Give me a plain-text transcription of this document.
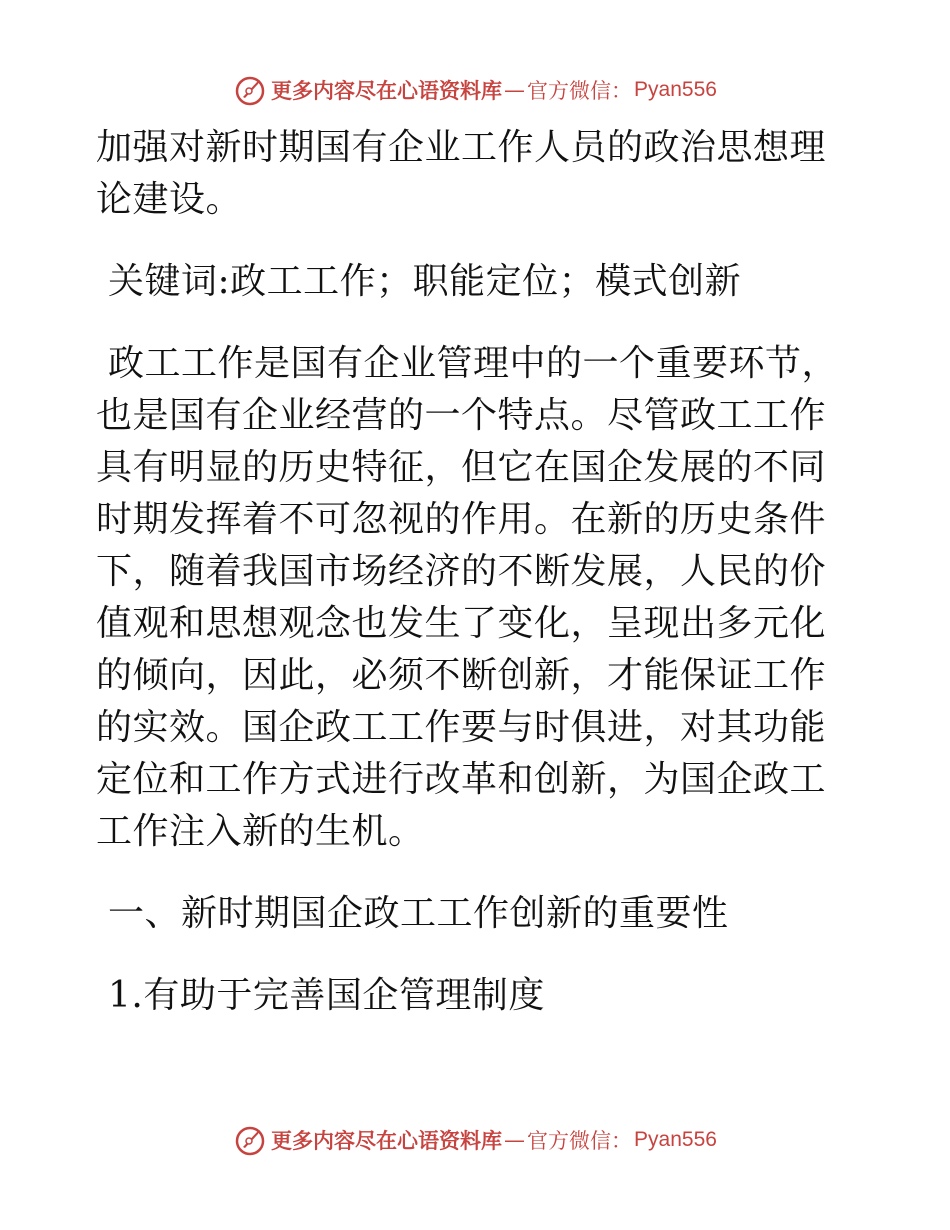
更多内容尽在心语资料库 — 官方微信： Pyan556

加强对新时期国有企业工作人员的政治思想理论建设。

关键词:政工工作；职能定位；模式创新

政工工作是国有企业管理中的一个重要环节，也是国有企业经营的一个特点。尽管政工工作具有明显的历史特征，但它在国企发展的不同时期发挥着不可忽视的作用。在新的历史条件下，随着我国市场经济的不断发展，人民的价值观和思想观念也发生了变化，呈现出多元化的倾向，因此，必须不断创新，才能保证工作的实效。国企政工工作要与时俱进，对其功能定位和工作方式进行改革和创新，为国企政工工作注入新的生机。

一、新时期国企政工工作创新的重要性

1.有助于完善国企管理制度

更多内容尽在心语资料库 — 官方微信： Pyan556
